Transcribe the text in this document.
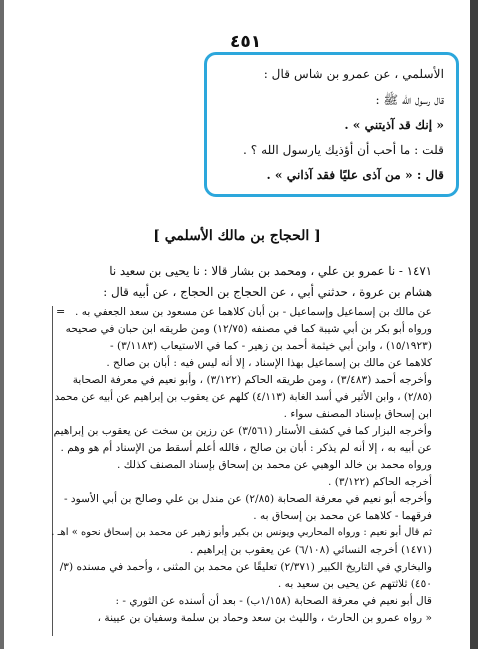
٤٥١
الأسلمي ، عن عمرو بن شاس قال :
قال رسول الله ﷺ :
« إنك قد آذيتني » .
قلت : ما أحب أن أؤذيك يارسول الله ؟ .
قال : « من آذى عليًا فقد آذاني » .
[ الحجاج بن مالك الأسلمي ]
١٤٧١ - نا عمرو بن علي ، ومحمد بن بشار قالا : نا يحيى بن سعيد نا
هشام بن عروة ، حدثني أبي ، عن الحجاج بن الحجاج ، عن أبيه قال :
= عن مالك بن إسماعيل وإسماعيل - بن أبان كلاهما عن مسعود بن سعد الجعفي به .
ورواه أبو بكر بن أبي شيبة كما في مصنفه (١٢/٧٥) ومن طريقه ابن حبان في صحيحه
(١٥/١٩٢٣) ، وابن أبي خيثمة أحمد بن زهير - كما في الاستيعاب (٣/١١٨٣) -
كلاهما عن مالك بن إسماعيل بهذا الإسناد ، إلا أنه ليس فيه : أبان بن صالح .
وأخرجه أحمد (٣/٤٨٣) ، ومن طريقه الحاكم (٣/١٢٢) ، وأبو نعيم في معرفة الصحابة
(٢/٨٥) ، وابن الأثير في أسد الغابة (٤/١١٣) كلهم عن يعقوب بن إبراهيم عن أبيه عن محمد
ابن إسحاق بإسناد المصنف سواء .
وأخرجه البزار كما في كشف الأستار (٣/٥٦١) عن رزين بن سخت عن يعقوب بن إبراهيم
عن أبيه به ، إلا أنه لم يذكر : أبان بن صالح ، فالله أعلم أسقط من الإسناد أم هو وهم .
ورواه محمد بن خالد الوهبي عن محمد بن إسحاق بإسناد المصنف كذلك .
أخرجه الحاكم (٣/١٢٢) .
وأخرجه أبو نعيم في معرفة الصحابة (٢/٨٥) عن مندل بن علي وصالح بن أبي الأسود -
فرقهما - كلاهما عن محمد بن إسحاق به .
ثم قال أبو نعيم : ورواه المحاربي ويونس بن بكير وأبو زهير عن محمد بن إسحاق نحوه » اهـ .
(١٤٧١) أخرجه النسائي (٦/١٠٨) عن يعقوب بن إبراهيم .
والبخاري في التاريخ الكبير (٢/٣٧١) تعليقًا عن محمد بن المثنى ، وأحمد في مسنده (٣/
٤٥٠) ثلاثتهم عن يحيى بن سعيد به .
قال أبو نعيم في معرفة الصحابة (١/١٥٨ب) - بعد أن أسنده عن الثوري - :
« رواه عمرو بن الحارث ، والليث بن سعد وحماد بن سلمة وسفيان بن عيينة ،
